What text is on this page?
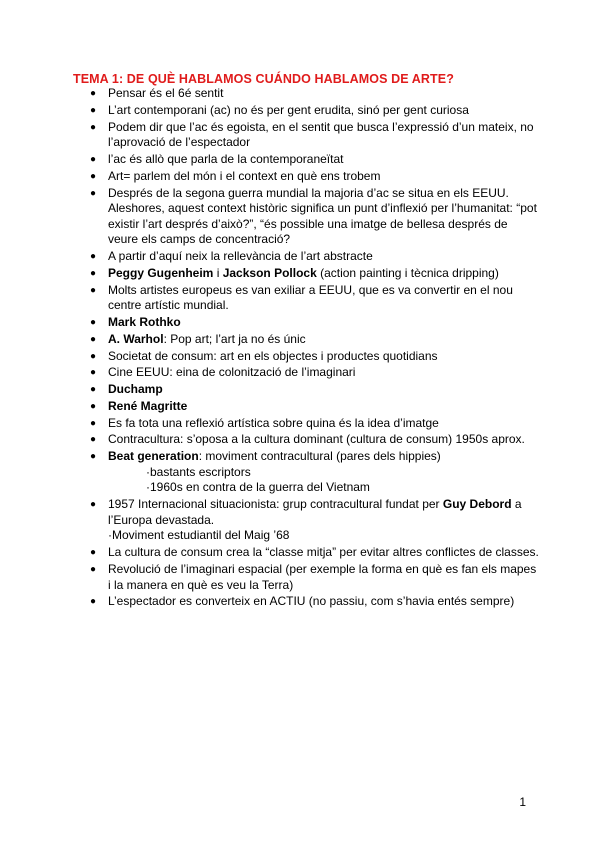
TEMA 1: DE QUÈ HABLAMOS CUÁNDO HABLAMOS DE ARTE?
● Pensar és el 6é sentit
● L’art contemporani (ac) no és per gent erudita, sinó per gent curiosa
● Podem dir que l’ac és egoista, en el sentit que busca l’expressió d’un mateix, no l’aprovació de l’espectador
● l’ac és allò que parla de la contemporaneïtat
● Art= parlem del món i el context en què ens trobem
● Després de la segona guerra mundial la majoria d’ac se situa en els EEUU. Aleshores, aquest context històric significa un punt d’inflexió per l’humanitat: “pot existir l’art després d’això?”, “és possible una imatge de bellesa després de veure els camps de concentració?
● A partir d’aquí neix la rellevància de l’art abstracte
● Peggy Gugenheim i Jackson Pollock (action painting i tècnica dripping)
● Molts artistes europeus es van exiliar a EEUU, que es va convertir en el nou centre artístic mundial.
● Mark Rothko
● A. Warhol: Pop art; l’art ja no és únic
● Societat de consum: art en els objectes i productes quotidians
● Cine EEUU: eina de colonització de l’imaginari
● Duchamp
● René Magritte
● Es fa tota una reflexió artística sobre quina és la idea d’imatge
● Contracultura: s’oposa a la cultura dominant (cultura de consum) 1950s aprox.
● Beat generation: moviment contracultural (pares dels hippies)
·bastants escriptors
·1960s en contra de la guerra del Vietnam
● 1957 Internacional situacionista: grup contracultural fundat per Guy Debord a l’Europa devastada.
·Moviment estudiantil del Maig ’68
● La cultura de consum crea la “classe mitja” per evitar altres conflictes de classes.
● Revolució de l’imaginari espacial (per exemple la forma en què es fan els mapes i la manera en què es veu la Terra)
● L’espectador es converteix en ACTIU (no passiu, com s’havia entés sempre)
1
